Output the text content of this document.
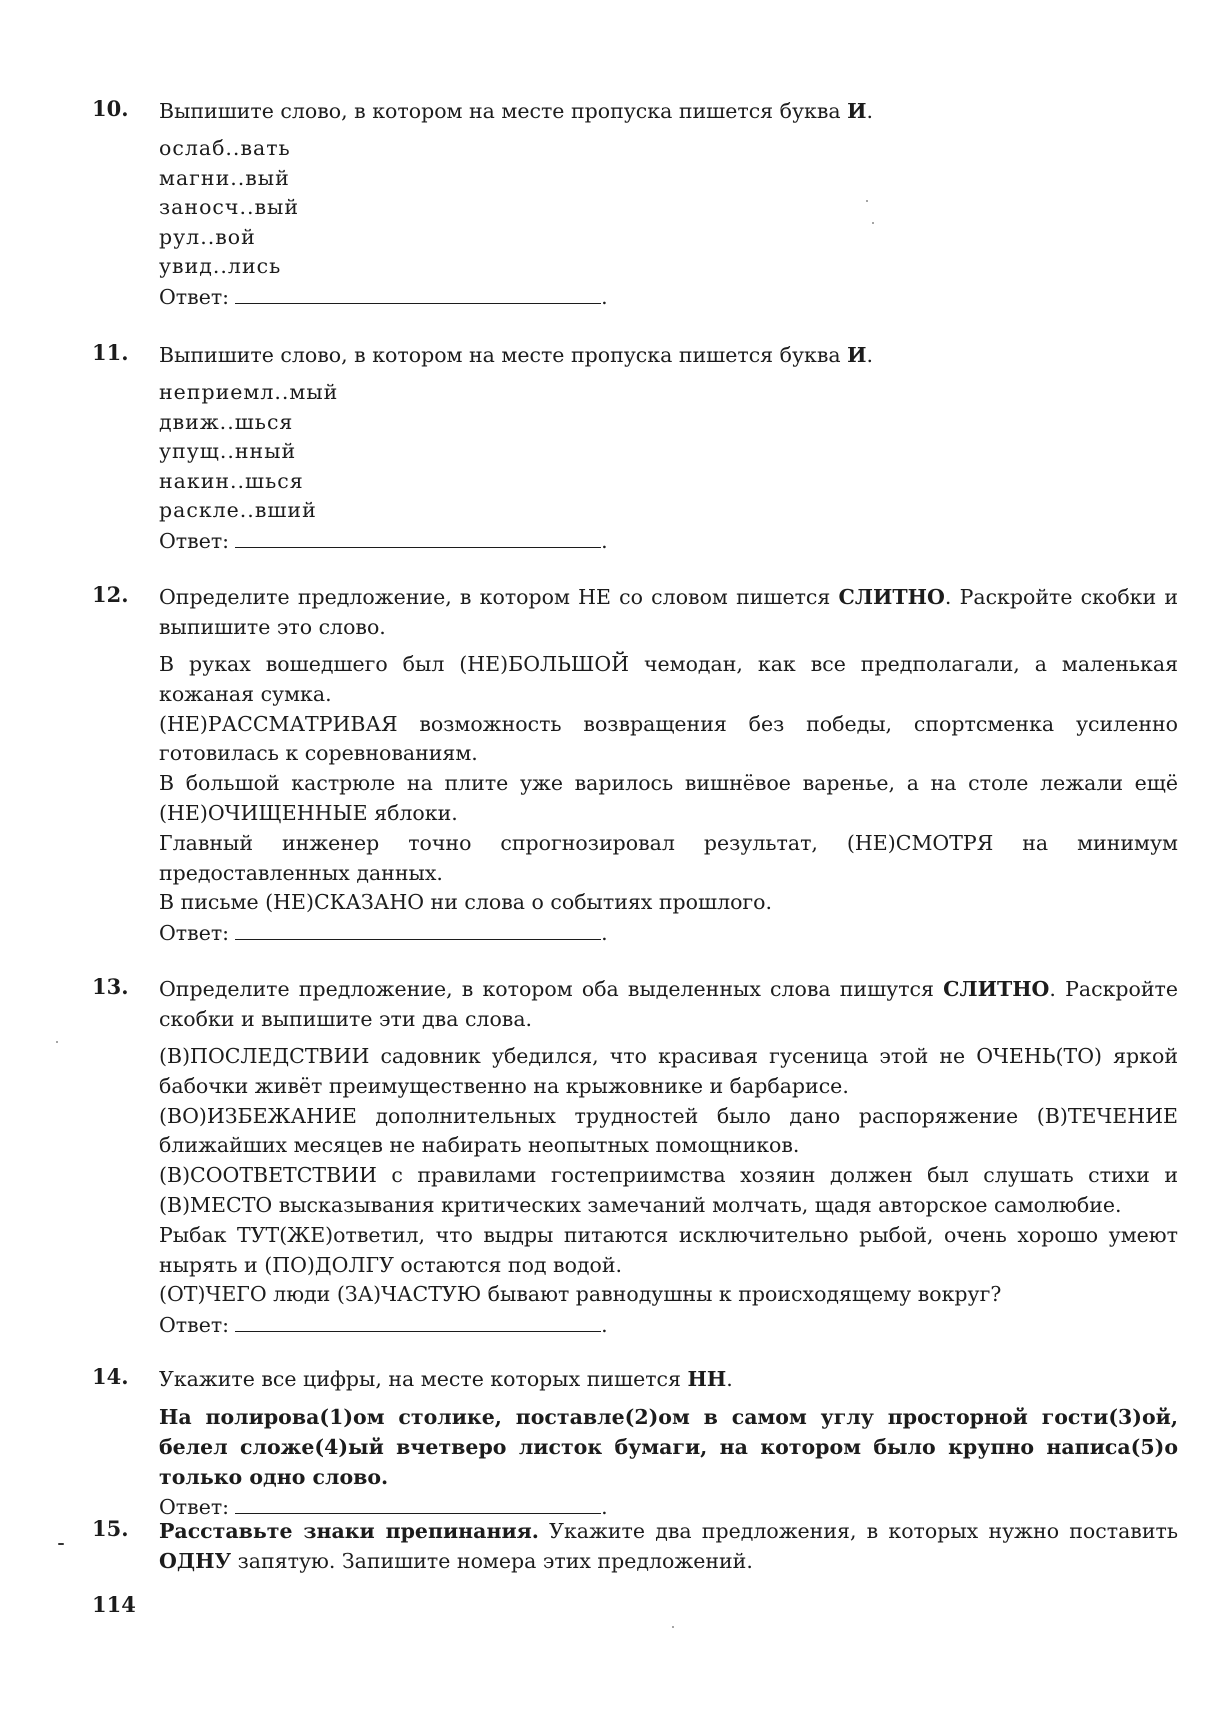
10. Выпишите слово, в котором на месте пропуска пишется буква И.
ослаб..вать
магни..вый
заносч..вый
рул..вой
увид..лись
Ответ:	.
11. Выпишите слово, в котором на месте пропуска пишется буква И.
неприемл..мый
движ..шься
упущ..нный
накин..шься
раскле..вший
Ответ:	.
12. Определите предложение, в котором НЕ со словом пишется СЛИТНО. Раскройте скобки и выпишите это слово.
В руках вошедшего был (НЕ)БОЛЬШОЙ чемодан, как все предполагали, а маленькая кожаная сумка.
(НЕ)РАССМАТРИВАЯ возможность возвращения без победы, спортсменка усиленно готовилась к соревнованиям.
В большой кастрюле на плите уже варилось вишнёвое варенье, а на столе лежали ещё (НЕ)ОЧИЩЕННЫЕ яблоки.
Главный инженер точно спрогнозировал результат, (НЕ)СМОТРЯ на минимум предоставленных данных.
В письме (НЕ)СКАЗАНО ни слова о событиях прошлого.
Ответ:	.
13. Определите предложение, в котором оба выделенных слова пишутся СЛИТНО. Раскройте скобки и выпишите эти два слова.
(В)ПОСЛЕДСТВИИ садовник убедился, что красивая гусеница этой не ОЧЕНЬ(ТО) яркой бабочки живёт преимущественно на крыжовнике и барбарисе.
(ВО)ИЗБЕЖАНИЕ дополнительных трудностей было дано распоряжение (В)ТЕЧЕНИЕ ближайших месяцев не набирать неопытных помощников.
(В)СООТВЕТСТВИИ с правилами гостеприимства хозяин должен был слушать стихи и (В)МЕСТО высказывания критических замечаний молчать, щадя авторское самолюбие.
Рыбак ТУТ(ЖЕ)ответил, что выдры питаются исключительно рыбой, очень хорошо умеют нырять и (ПО)ДОЛГУ остаются под водой.
(ОТ)ЧЕГО люди (ЗА)ЧАСТУЮ бывают равнодушны к происходящему вокруг?
Ответ:	.
14. Укажите все цифры, на месте которых пишется НН.
На полирова(1)ом столике, поставле(2)ом в самом углу просторной гости(3)ой, белел сложе(4)ый вчетверо листок бумаги, на котором было крупно написа(5)о только одно слово.
Ответ:	.
15. Расставьте знаки препинания. Укажите два предложения, в которых нужно поставить ОДНУ запятую. Запишите номера этих предложений.
114
